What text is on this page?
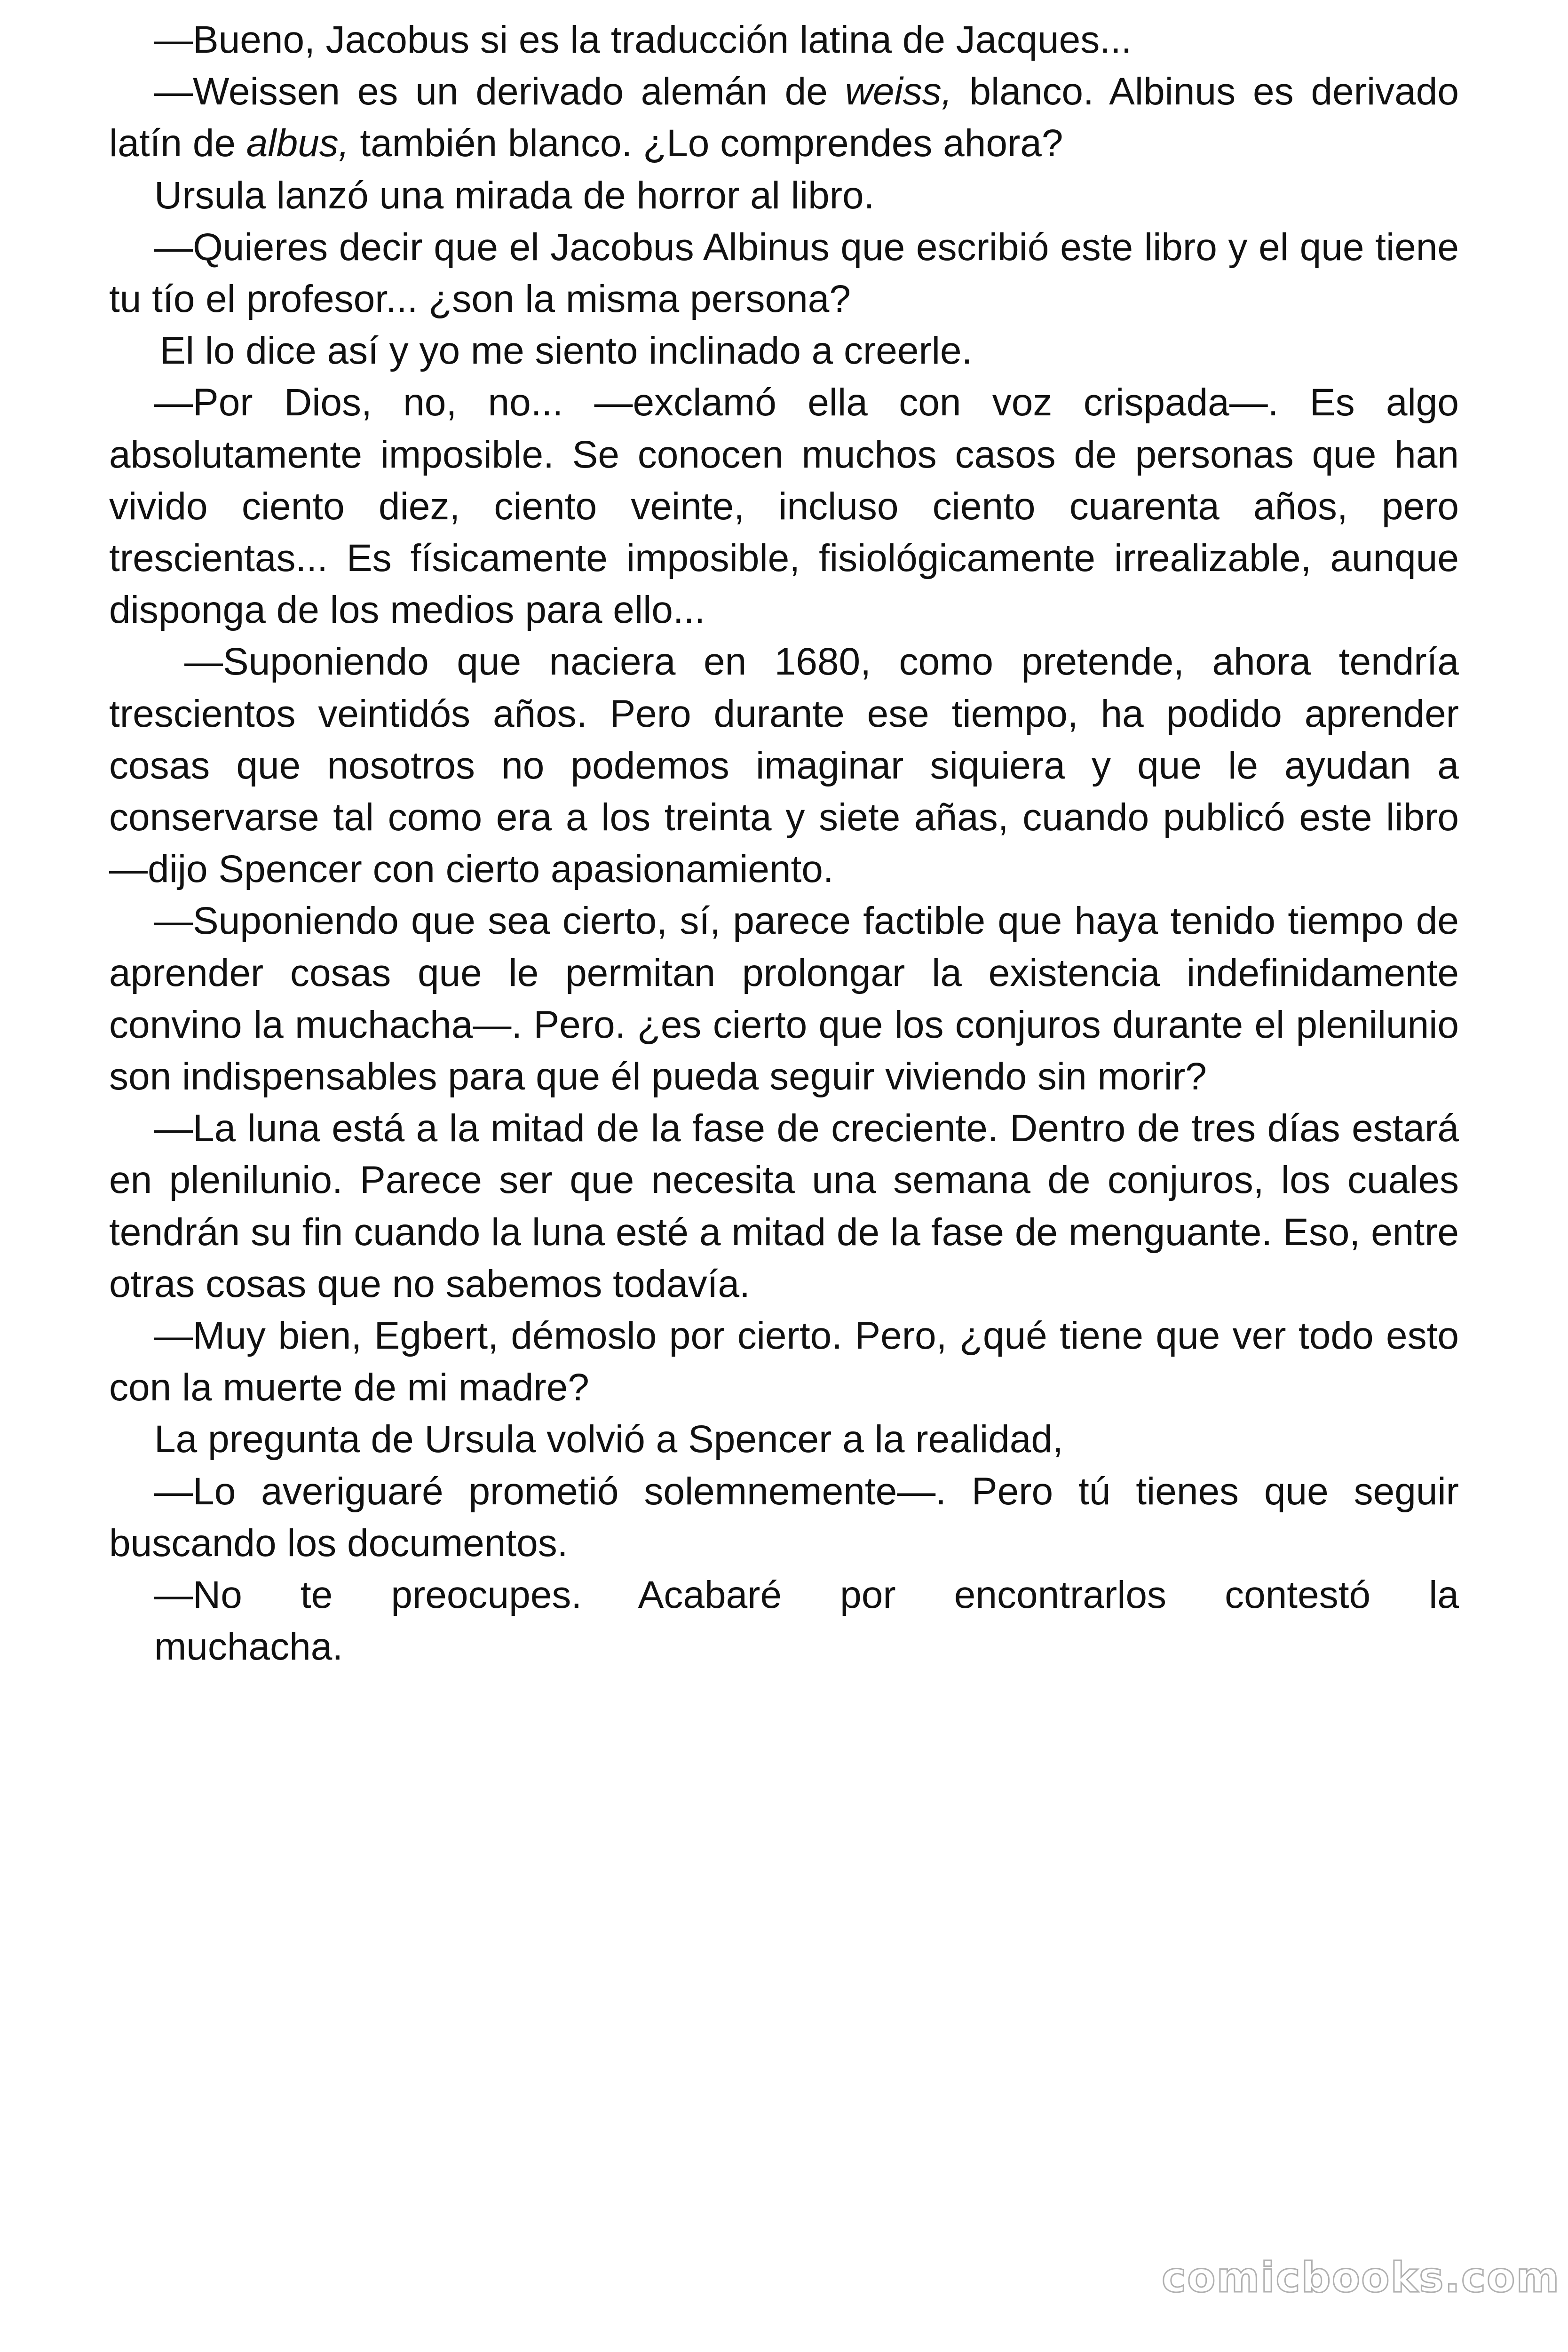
—Bueno, Jacobus si es la traducción latina de Jacques...

—Weissen es un derivado alemán de weiss, blanco. Albinus es derivado latín de albus, también blanco. ¿Lo comprendes ahora?

Ursula lanzó una mirada de horror al libro.

—Quieres decir que el Jacobus Albinus que escribió este libro y el que tiene tu tío el profesor... ¿son la misma persona?

El lo dice así y yo me siento inclinado a creerle.

—Por Dios, no, no... —exclamó ella con voz crispada—. Es algo absolutamente imposible. Se conocen muchos casos de personas que han vivido ciento diez, ciento veinte, incluso ciento cuarenta años, pero trescientas... Es físicamente imposible, fisiológicamente irrealizable, aunque disponga de los medios para ello...

—Suponiendo que naciera en 1680, como pretende, ahora tendría trescientos veintidós años. Pero durante ese tiempo, ha podido aprender cosas que nosotros no podemos imaginar siquiera y que le ayudan a conservarse tal como era a los treinta y siete añas, cuando publicó este libro —dijo Spencer con cierto apasionamiento.

—Suponiendo que sea cierto, sí, parece factible que haya tenido tiempo de aprender cosas que le permitan prolongar la existencia indefinidamente convino la muchacha—. Pero. ¿es cierto que los conjuros durante el plenilunio son indispensables para que él pueda seguir viviendo sin morir?

—La luna está a la mitad de la fase de creciente. Dentro de tres días estará en plenilunio. Parece ser que necesita una semana de conjuros, los cuales tendrán su fin cuando la luna esté a mitad de la fase de menguante. Eso, entre otras cosas que no sabemos todavía.

—Muy bien, Egbert, démoslo por cierto. Pero, ¿qué tiene que ver todo esto con la muerte de mi madre?

La pregunta de Ursula volvió a Spencer a la realidad,

—Lo averiguaré prometió solemnemente—. Pero tú tienes que seguir buscando los documentos.

—No te preocupes. Acabaré por encontrarlos contestó la
muchacha.

comicbooks.com
